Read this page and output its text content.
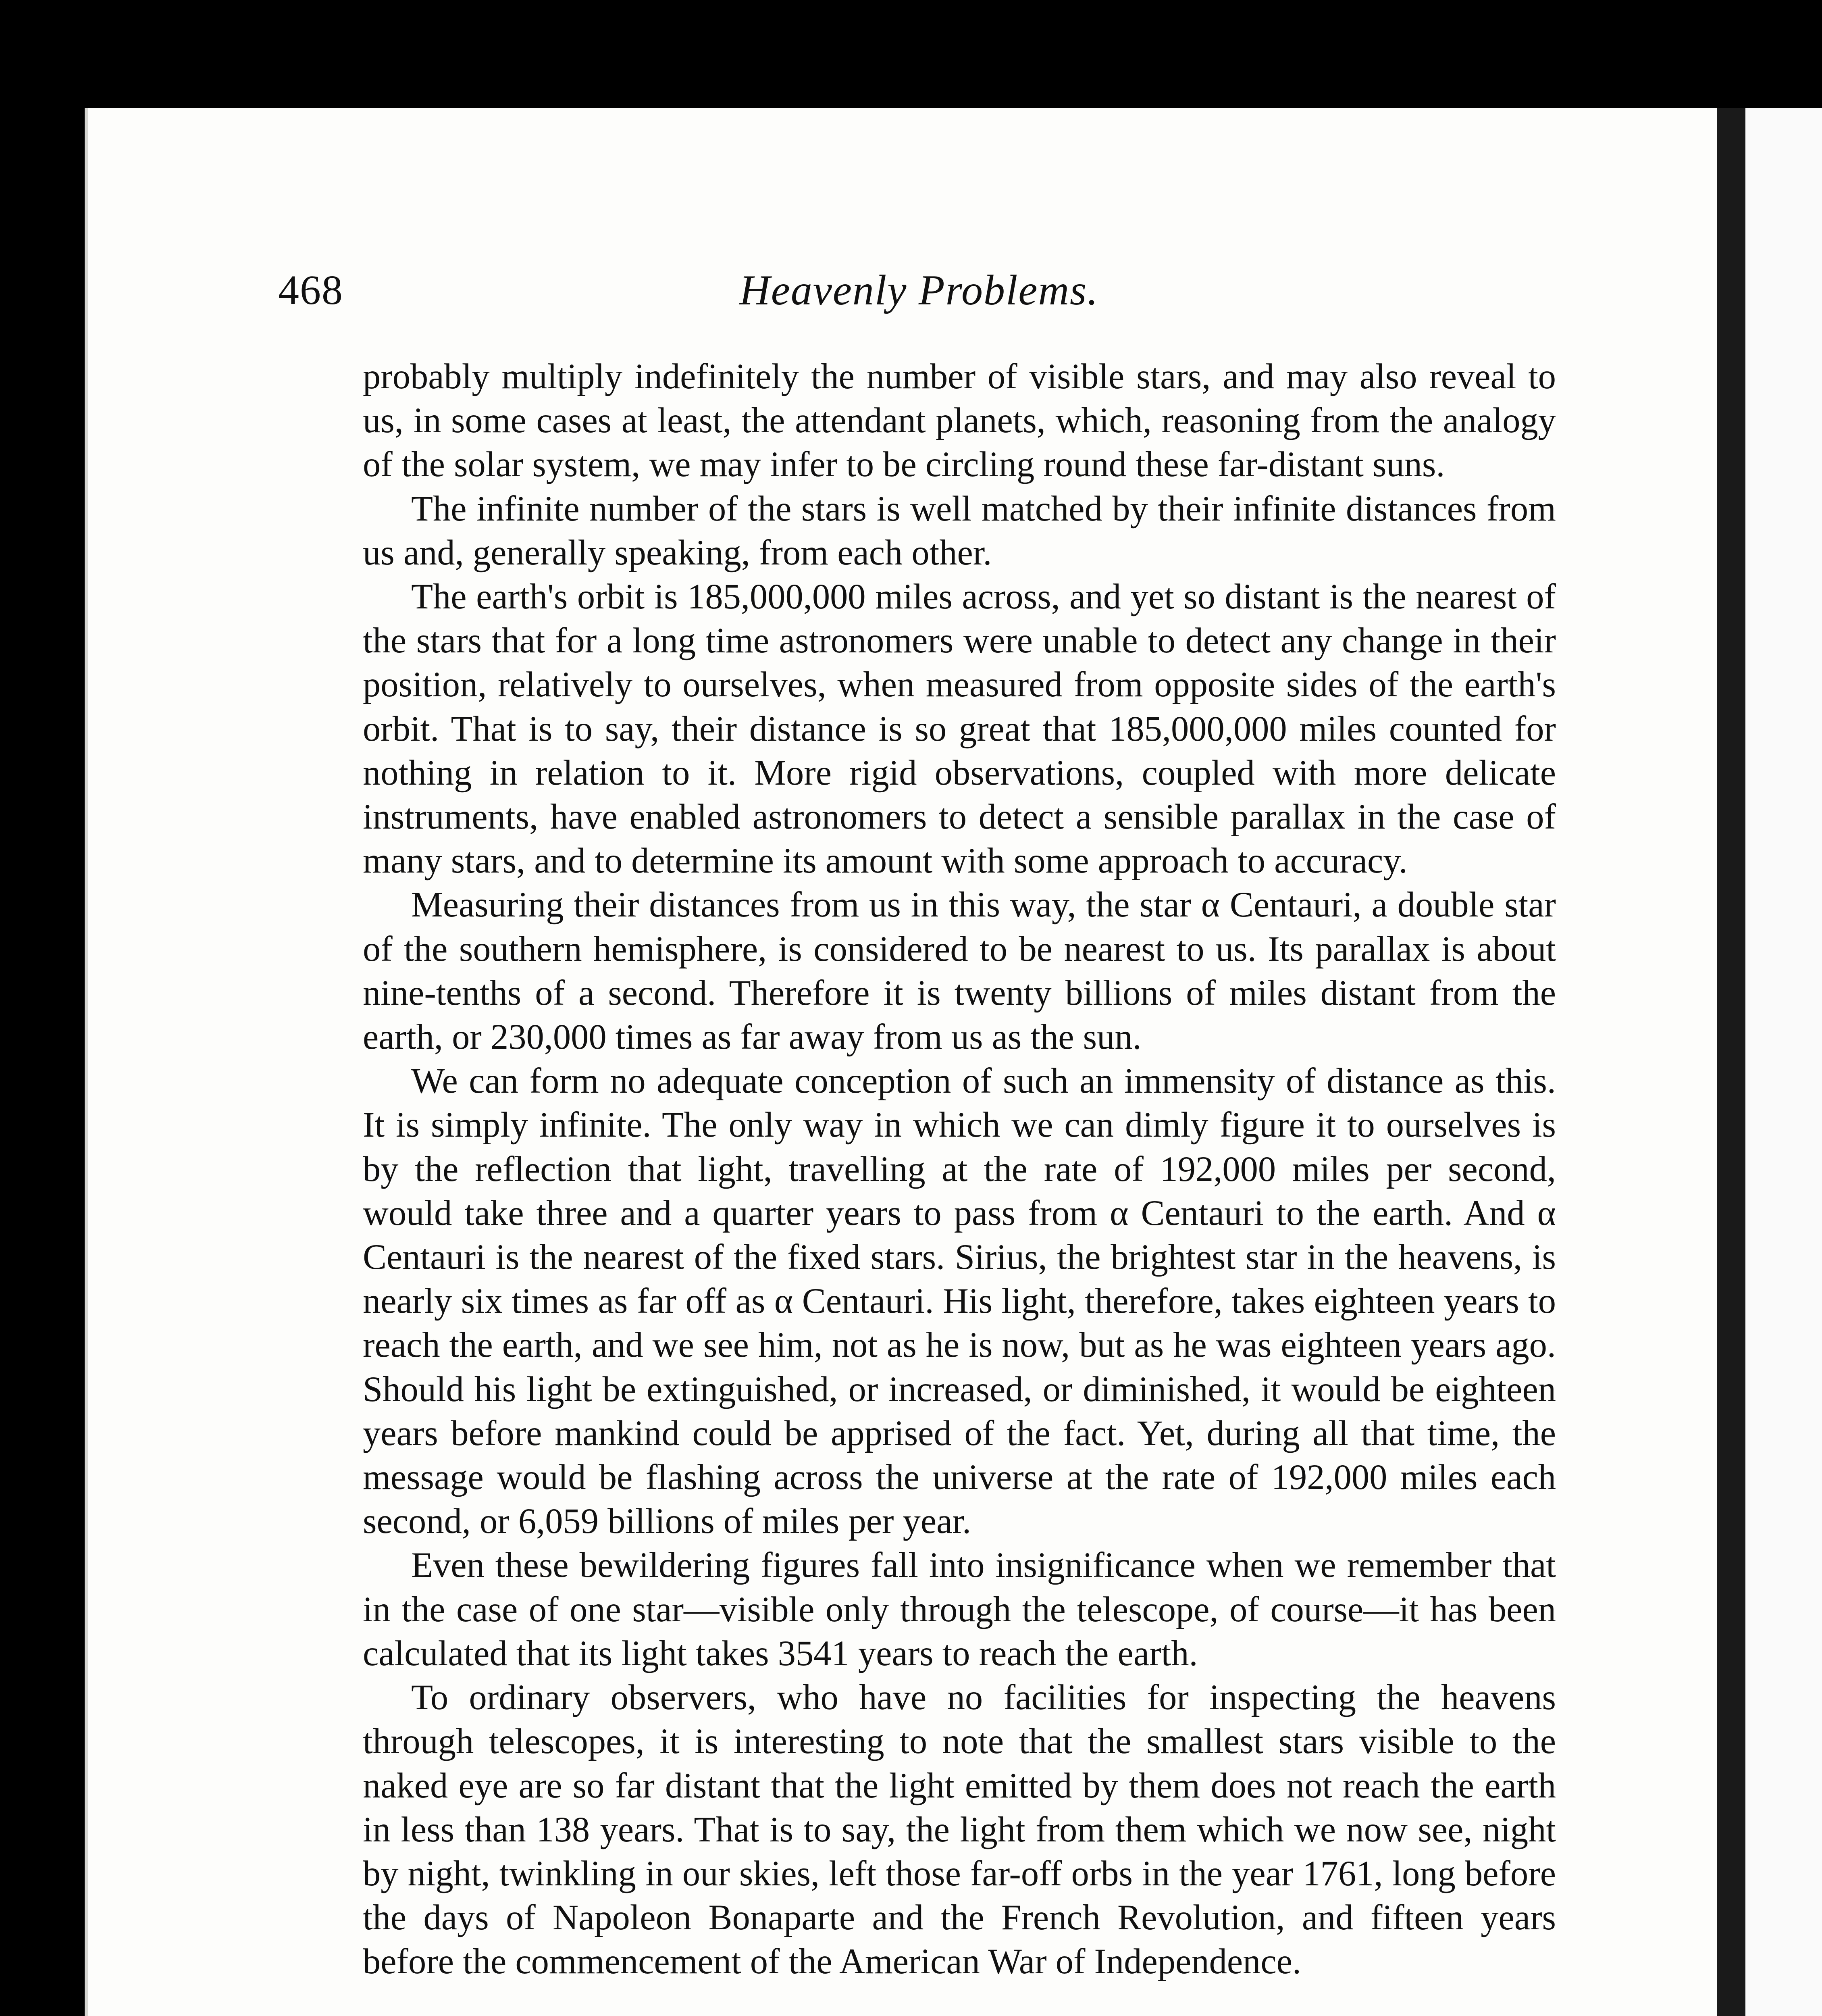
468	Heavenly Problems.

probably multiply indefinitely the number of visible stars, and may also reveal to us, in some cases at least, the attendant planets, which, reasoning from the analogy of the solar system, we may infer to be circling round these far-distant suns.

The infinite number of the stars is well matched by their infinite distances from us and, generally speaking, from each other.

The earth's orbit is 185,000,000 miles across, and yet so distant is the nearest of the stars that for a long time astronomers were unable to detect any change in their position, relatively to ourselves, when measured from opposite sides of the earth's orbit. That is to say, their distance is so great that 185,000,000 miles counted for nothing in relation to it. More rigid observations, coupled with more delicate instruments, have enabled astronomers to detect a sensible parallax in the case of many stars, and to determine its amount with some approach to accuracy.

Measuring their distances from us in this way, the star α Centauri, a double star of the southern hemisphere, is considered to be nearest to us. Its parallax is about nine-tenths of a second. Therefore it is twenty billions of miles distant from the earth, or 230,000 times as far away from us as the sun.

We can form no adequate conception of such an immensity of distance as this. It is simply infinite. The only way in which we can dimly figure it to ourselves is by the reflection that light, travelling at the rate of 192,000 miles per second, would take three and a quarter years to pass from α Centauri to the earth. And α Centauri is the nearest of the fixed stars. Sirius, the brightest star in the heavens, is nearly six times as far off as α Centauri. His light, therefore, takes eighteen years to reach the earth, and we see him, not as he is now, but as he was eighteen years ago. Should his light be extinguished, or increased, or diminished, it would be eighteen years before mankind could be apprised of the fact. Yet, during all that time, the message would be flashing across the universe at the rate of 192,000 miles each second, or 6,059 billions of miles per year.

Even these bewildering figures fall into insignificance when we remember that in the case of one star—visible only through the telescope, of course—it has been calculated that its light takes 3541 years to reach the earth.

To ordinary observers, who have no facilities for inspecting the heavens through telescopes, it is interesting to note that the smallest stars visible to the naked eye are so far distant that the light emitted by them does not reach the earth in less than 138 years. That is to say, the light from them which we now see, night by night, twinkling in our skies, left those far-off orbs in the year 1761, long before the days of Napoleon Bonaparte and the French Revolution, and fifteen years before the commencement of the American War of Independence.
